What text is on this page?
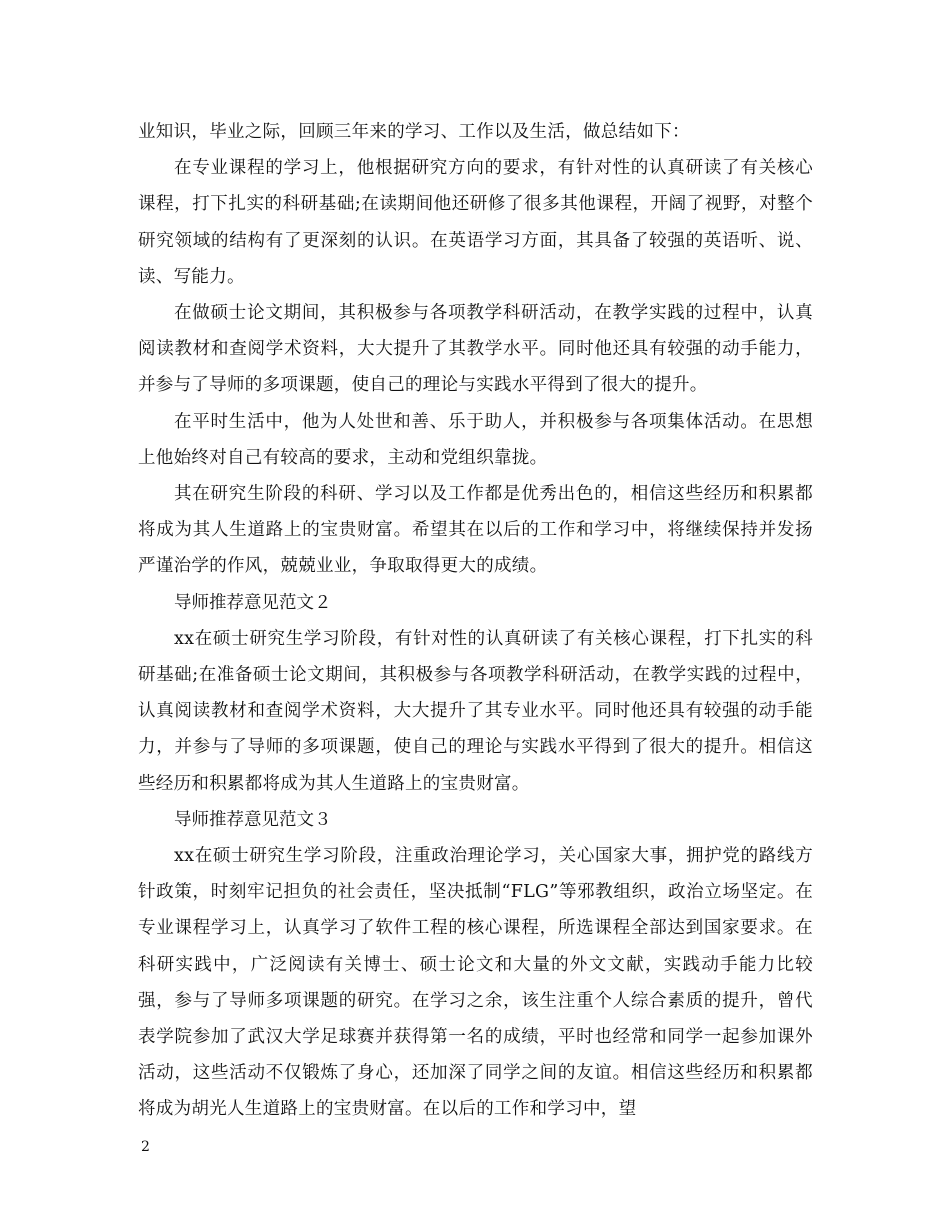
业知识，毕业之际，回顾三年来的学习、工作以及生活，做总结如下：

在专业课程的学习上，他根据研究方向的要求，有针对性的认真研读了有关核心课程，打下扎实的科研基础;在读期间他还研修了很多其他课程，开阔了视野，对整个研究领域的结构有了更深刻的认识。在英语学习方面，其具备了较强的英语听、说、读、写能力。

在做硕士论文期间，其积极参与各项教学科研活动，在教学实践的过程中，认真阅读教材和查阅学术资料，大大提升了其教学水平。同时他还具有较强的动手能力，并参与了导师的多项课题，使自己的理论与实践水平得到了很大的提升。

在平时生活中，他为人处世和善、乐于助人，并积极参与各项集体活动。在思想上他始终对自己有较高的要求，主动和党组织靠拢。

其在研究生阶段的科研、学习以及工作都是优秀出色的，相信这些经历和积累都将成为其人生道路上的宝贵财富。希望其在以后的工作和学习中，将继续保持并发扬严谨治学的作风，兢兢业业，争取取得更大的成绩。

导师推荐意见范文２

xx在硕士研究生学习阶段，有针对性的认真研读了有关核心课程，打下扎实的科研基础;在准备硕士论文期间，其积极参与各项教学科研活动，在教学实践的过程中，认真阅读教材和查阅学术资料，大大提升了其专业水平。同时他还具有较强的动手能力，并参与了导师的多项课题，使自己的理论与实践水平得到了很大的提升。相信这些经历和积累都将成为其人生道路上的宝贵财富。

导师推荐意见范文３

xx在硕士研究生学习阶段，注重政治理论学习，关心国家大事，拥护党的路线方针政策，时刻牢记担负的社会责任，坚决抵制“FLG”等邪教组织，政治立场坚定。在专业课程学习上，认真学习了软件工程的核心课程，所选课程全部达到国家要求。在科研实践中，广泛阅读有关博士、硕士论文和大量的外文文献，实践动手能力比较强，参与了导师多项课题的研究。在学习之余，该生注重个人综合素质的提升，曾代表学院参加了武汉大学足球赛并获得第一名的成绩，平时也经常和同学一起参加课外活动，这些活动不仅锻炼了身心，还加深了同学之间的友谊。相信这些经历和积累都将成为胡光人生道路上的宝贵财富。在以后的工作和学习中，望

2
